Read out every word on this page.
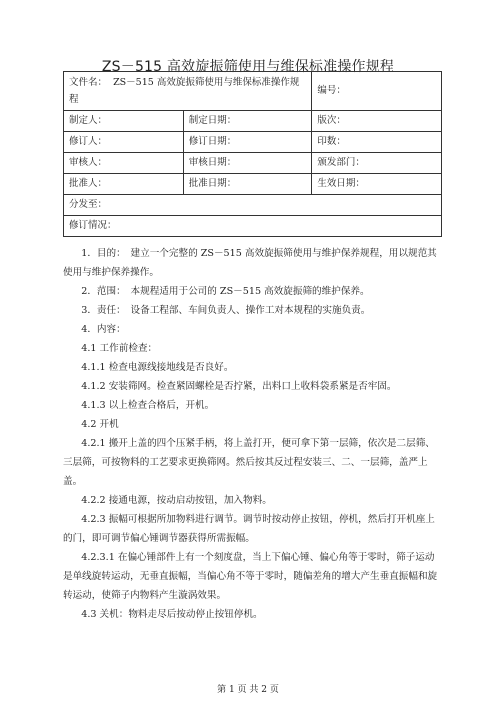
ZS－515 高效旋振筛使用与维保标准操作规程
文件名： ZS－515 高效旋振筛使用与维保标准操作规程		编号：
制定人：	制定日期：	版次：
修订人：	修订日期：	印数：
审核人：	审核日期：	颁发部门：
批准人：	批准日期：	生效日期：
分发至：		
修订情况：		

1．目的：　建立一个完整的 ZS－515 高效旋振筛使用与维护保养规程，用以规范其使用与维护保养操作。

2．范围：　本规程适用于公司的 ZS－515 高效旋振筛的维护保养。

3．责任：　设备工程部、车间负责人、操作工对本规程的实施负责。

4．内容：

4.1 工作前检查：

4.1.1 检查电源线接地线是否良好。

4.1.2 安装筛网。检查紧固螺栓是否拧紧，出料口上收料袋系紧是否牢固。

4.1.3 以上检查合格后，开机。

4.2 开机

4.2.1 搬开上盖的四个压紧手柄，将上盖打开，便可拿下第一层筛，依次是二层筛、三层筛，可按物料的工艺要求更换筛网。然后按其反过程安装三、二、一层筛，盖严上盖。

4.2.2 接通电源，按动启动按钮，加入物料。

4.2.3 振幅可根据所加物料进行调节。调节时按动停止按钮，停机，然后打开机座上的门，即可调节偏心锤调节器获得所需振幅。

4.2.3.1 在偏心锤部件上有一个刻度盘，当上下偏心锤、偏心角等于零时，筛子运动是单线旋转运动，无垂直振幅，当偏心角不等于零时，随偏差角的增大产生垂直振幅和旋转运动，使筛子内物料产生漩涡效果。

4.3 关机：物料走尽后按动停止按钮停机。

第 1 页 共 2 页
